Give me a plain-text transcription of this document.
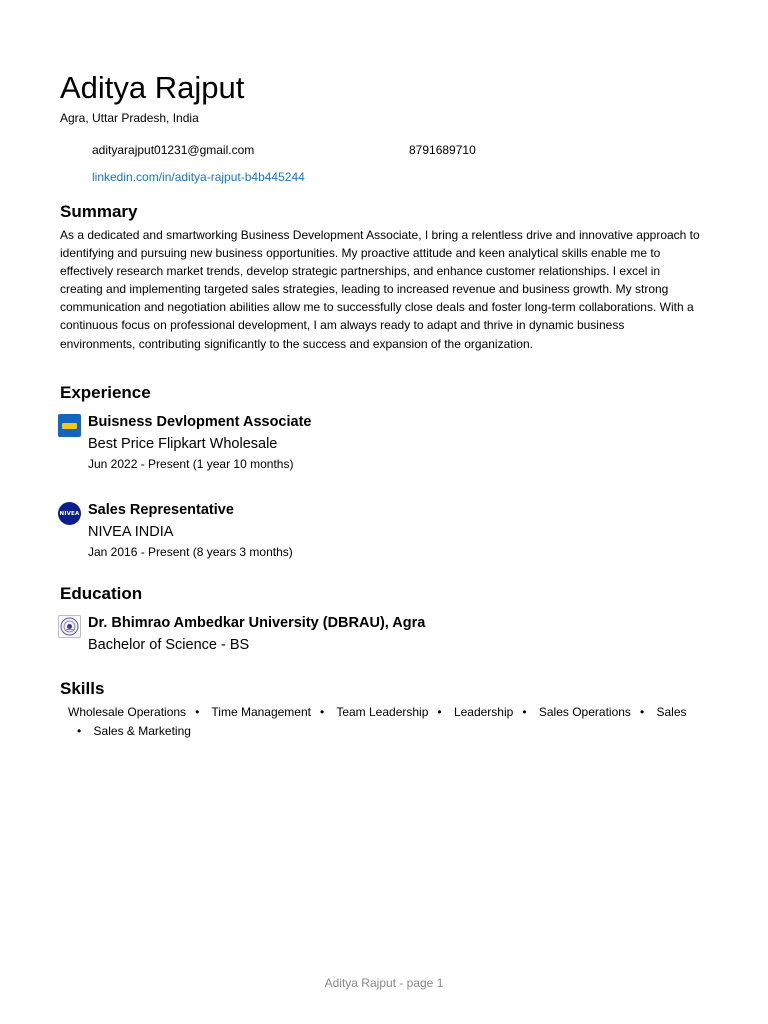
Aditya Rajput
Agra, Uttar Pradesh, India
adityarajput01231@gmail.com	8791689710
linkedin.com/in/aditya-rajput-b4b445244
Summary
As a dedicated and smartworking Business Development Associate, I bring a relentless drive and innovative approach to identifying and pursuing new business opportunities. My proactive attitude and keen analytical skills enable me to effectively research market trends, develop strategic partnerships, and enhance customer relationships. I excel in creating and implementing targeted sales strategies, leading to increased revenue and business growth. My strong communication and negotiation abilities allow me to successfully close deals and foster long-term collaborations. With a continuous focus on professional development, I am always ready to adapt and thrive in dynamic business environments, contributing significantly to the success and expansion of the organization.
Experience
Buisness Devlopment Associate
Best Price Flipkart Wholesale
Jun 2022 - Present (1 year 10 months)
NIVEA Sales Representative
NIVEA INDIA
Jan 2016 - Present (8 years 3 months)
Education
Dr. Bhimrao Ambedkar University (DBRAU), Agra
Bachelor of Science - BS
Skills
Wholesale Operations • Time Management • Team Leadership • Leadership • Sales Operations • Sales• Sales & Marketing
Aditya Rajput - page 1
